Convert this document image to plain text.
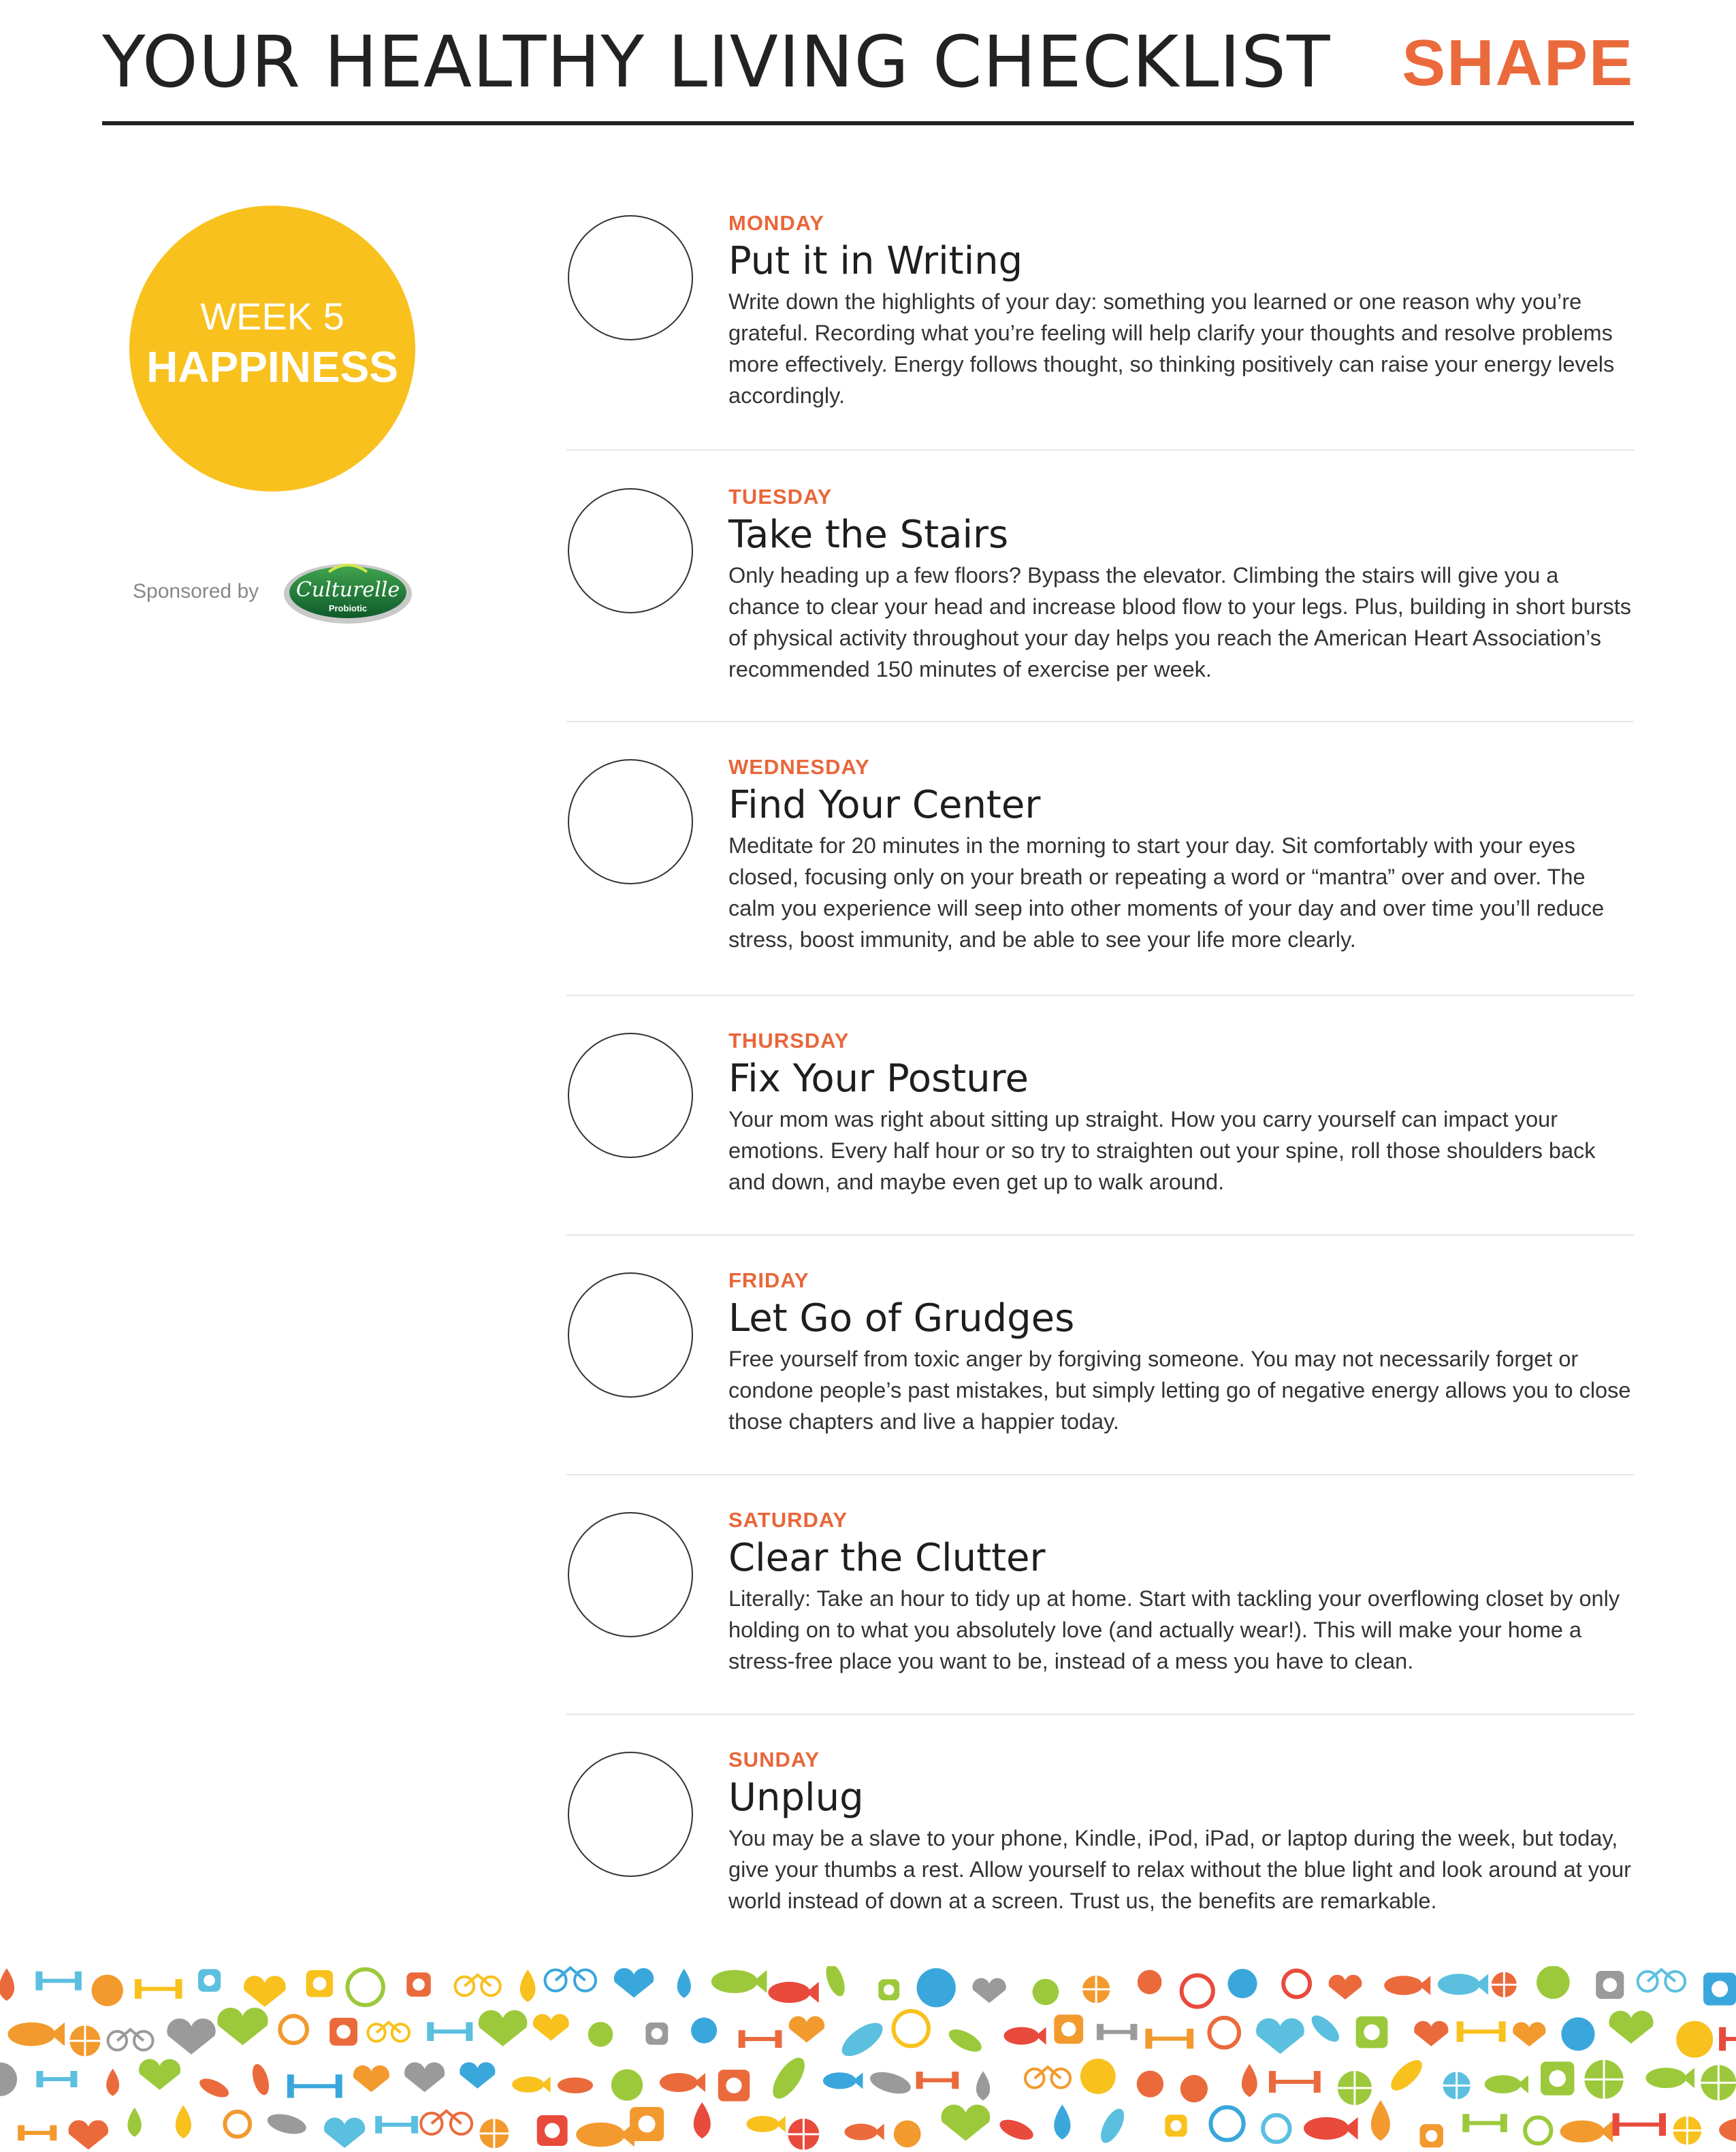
YOUR HEALTHY LIVING CHECKLIST SHAPE
WEEK 5
HAPPINESS
Sponsored by Culturelle
Probiotic
MONDAY
Put it in Writing
Write down the highlights of your day: something you learned or one reason why you’re grateful. Recording what you’re feeling will help clarify your thoughts and resolve problems more effectively. Energy follows thought, so thinking positively can raise your energy levels accordingly.
TUESDAY
Take the Stairs
Only heading up a few floors? Bypass the elevator. Climbing the stairs will give you a chance to clear your head and increase blood flow to your legs. Plus, building in short bursts of physical activity throughout your day helps you reach the American Heart Association’s recommended 150 minutes of exercise per week.
WEDNESDAY
Find Your Center
Meditate for 20 minutes in the morning to start your day. Sit comfortably with your eyes closed, focusing only on your breath or repeating a word or “mantra” over and over. The calm you experience will seep into other moments of your day and over time you’ll reduce stress, boost immunity, and be able to see your life more clearly.
THURSDAY
Fix Your Posture
Your mom was right about sitting up straight. How you carry yourself can impact your emotions. Every half hour or so try to straighten out your spine, roll those shoulders back and down, and maybe even get up to walk around.
FRIDAY
Let Go of Grudges
Free yourself from toxic anger by forgiving someone. You may not necessarily forget or condone people’s past mistakes, but simply letting go of negative energy allows you to close those chapters and live a happier today.
SATURDAY
Clear the Clutter
Literally: Take an hour to tidy up at home. Start with tackling your overflowing closet by only holding on to what you absolutely love (and actually wear!). This will make your home a stress-free place you want to be, instead of a mess you have to clean.
SUNDAY
Unplug
You may be a slave to your phone, Kindle, iPod, iPad, or laptop during the week, but today, give your thumbs a rest. Allow yourself to relax without the blue light and look around at your world instead of down at a screen. Trust us, the benefits are remarkable.
